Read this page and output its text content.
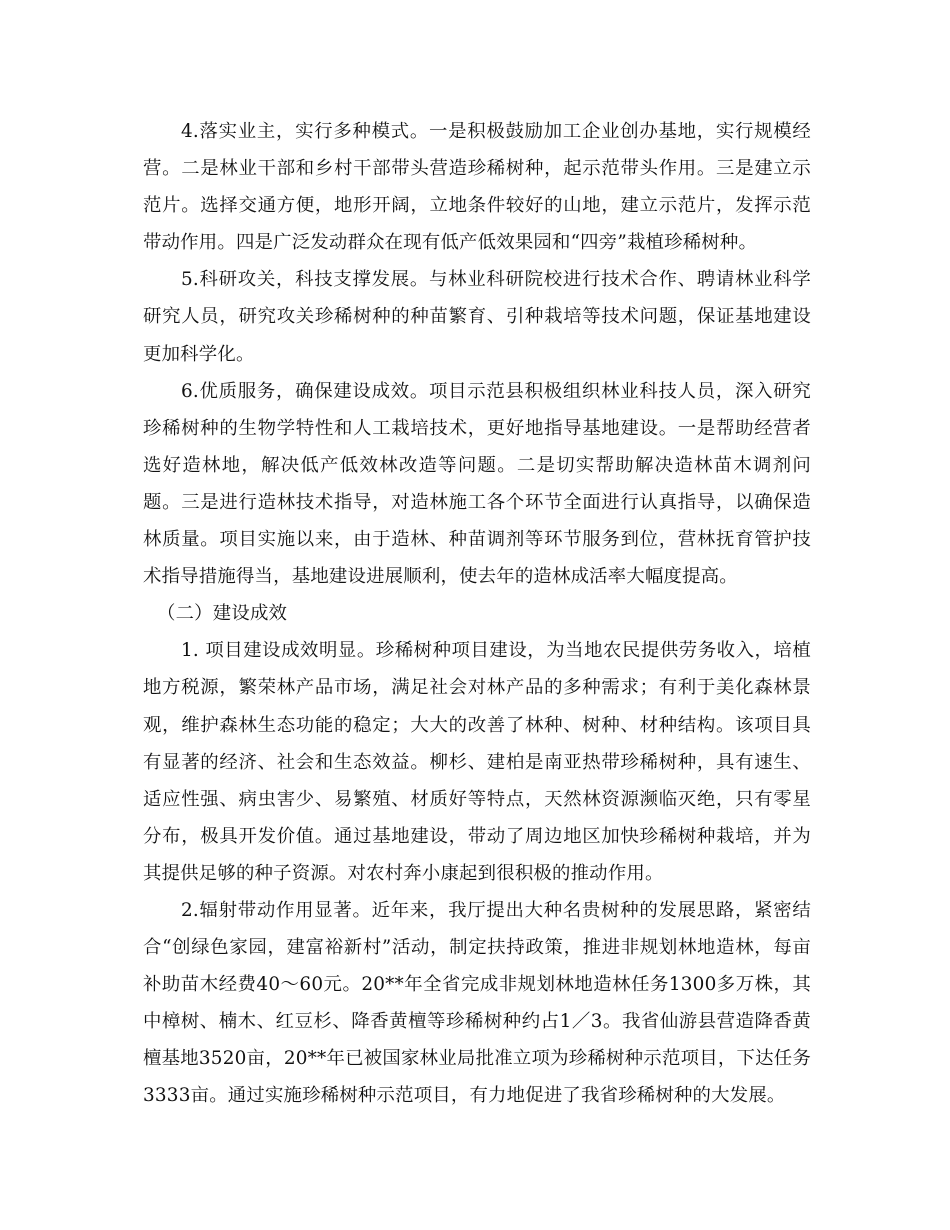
4.落实业主，实行多种模式。一是积极鼓励加工企业创办基地，实行规模经营。二是林业干部和乡村干部带头营造珍稀树种，起示范带头作用。三是建立示范片。选择交通方便，地形开阔，立地条件较好的山地，建立示范片，发挥示范带动作用。四是广泛发动群众在现有低产低效果园和“四旁”栽植珍稀树种。

5.科研攻关，科技支撑发展。与林业科研院校进行技术合作、聘请林业科学研究人员，研究攻关珍稀树种的种苗繁育、引种栽培等技术问题，保证基地建设更加科学化。

6.优质服务，确保建设成效。项目示范县积极组织林业科技人员，深入研究珍稀树种的生物学特性和人工栽培技术，更好地指导基地建设。一是帮助经营者选好造林地，解决低产低效林改造等问题。二是切实帮助解决造林苗木调剂问题。三是进行造林技术指导，对造林施工各个环节全面进行认真指导，以确保造林质量。项目实施以来，由于造林、种苗调剂等环节服务到位，营林抚育管护技术指导措施得当，基地建设进展顺利，使去年的造林成活率大幅度提高。

（二）建设成效

1. 项目建设成效明显。珍稀树种项目建设，为当地农民提供劳务收入，培植地方税源，繁荣林产品市场，满足社会对林产品的多种需求；有利于美化森林景观，维护森林生态功能的稳定；大大的改善了林种、树种、材种结构。该项目具有显著的经济、社会和生态效益。柳杉、建柏是南亚热带珍稀树种，具有速生、适应性强、病虫害少、易繁殖、材质好等特点，天然林资源濒临灭绝，只有零星分布，极具开发价值。通过基地建设，带动了周边地区加快珍稀树种栽培，并为其提供足够的种子资源。对农村奔小康起到很积极的推动作用。

2.辐射带动作用显著。近年来，我厅提出大种名贵树种的发展思路，紧密结合“创绿色家园，建富裕新村”活动，制定扶持政策，推进非规划林地造林，每亩补助苗木经费40～60元。20**年全省完成非规划林地造林任务1300多万株，其中樟树、楠木、红豆杉、降香黄檀等珍稀树种约占1／3。我省仙游县营造降香黄檀基地3520亩，20**年已被国家林业局批准立项为珍稀树种示范项目，下达任务3333亩。通过实施珍稀树种示范项目，有力地促进了我省珍稀树种的大发展。
